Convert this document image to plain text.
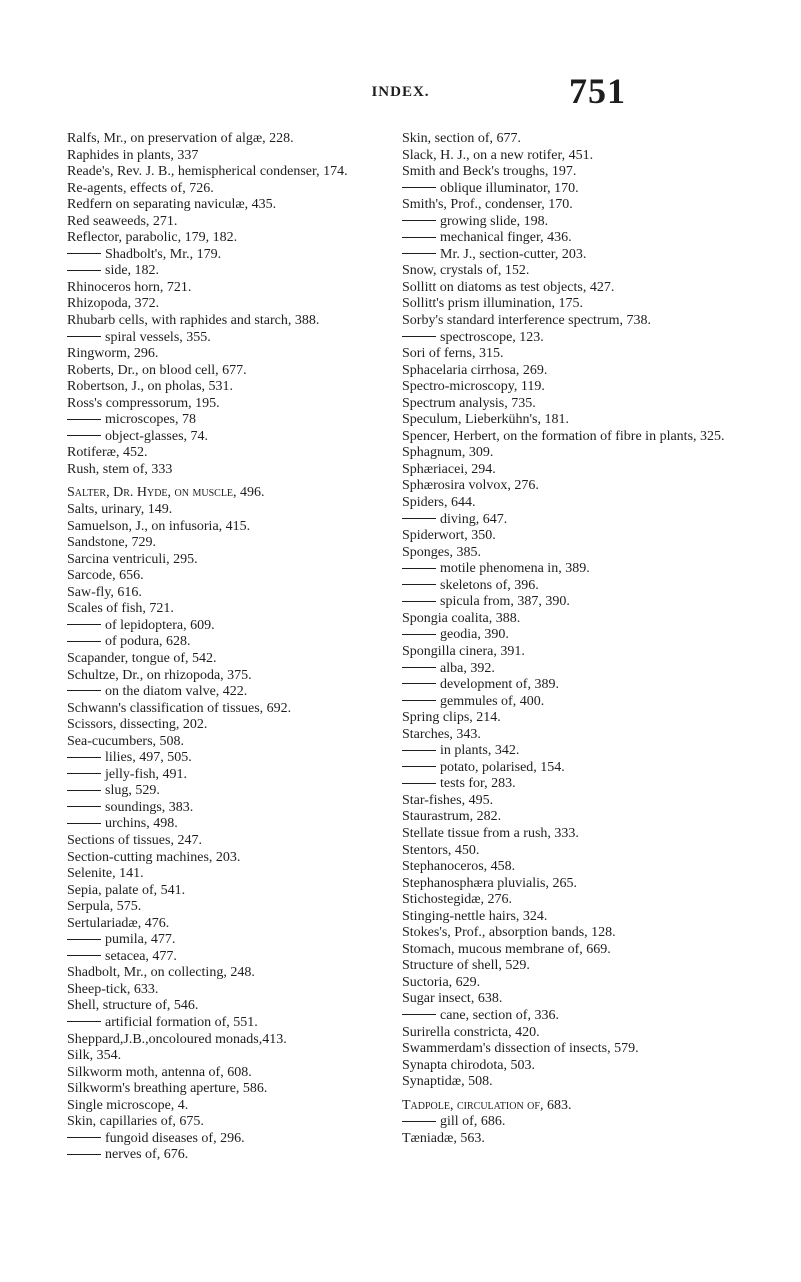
INDEX.	751
Ralfs, Mr., on preservation of algæ, 228.
Raphides in plants, 337
Reade's, Rev. J. B., hemispherical condenser, 174.
Re-agents, effects of, 726.
Redfern on separating naviculæ, 435.
Red seaweeds, 271.
Reflector, parabolic, 179, 182.
Shadbolt's, Mr., 179.
side, 182.
Rhinoceros horn, 721.
Rhizopoda, 372.
Rhubarb cells, with raphides and starch, 388.
spiral vessels, 355.
Ringworm, 296.
Roberts, Dr., on blood cell, 677.
Robertson, J., on pholas, 531.
Ross's compressorum, 195.
microscopes, 78
object-glasses, 74.
Rotiferæ, 452.
Rush, stem of, 333
Salter, Dr. Hyde, on muscle, 496.
Salts, urinary, 149.
Samuelson, J., on infusoria, 415.
Sandstone, 729.
Sarcina ventriculi, 295.
Sarcode, 656.
Saw-fly, 616.
Scales of fish, 721.
of lepidoptera, 609.
of podura, 628.
Scapander, tongue of, 542.
Schultze, Dr., on rhizopoda, 375.
on the diatom valve, 422.
Schwann's classification of tissues, 692.
Scissors, dissecting, 202.
Sea-cucumbers, 508.
lilies, 497, 505.
jelly-fish, 491.
slug, 529.
soundings, 383.
urchins, 498.
Sections of tissues, 247.
Section-cutting machines, 203.
Selenite, 141.
Sepia, palate of, 541.
Serpula, 575.
Sertulariadæ, 476.
pumila, 477.
setacea, 477.
Shadbolt, Mr., on collecting, 248.
Sheep-tick, 633.
Shell, structure of, 546.
artificial formation of, 551.
Sheppard,J.B.,oncoloured monads,413.
Silk, 354.
Silkworm moth, antenna of, 608.
Silkworm's breathing aperture, 586.
Single microscope, 4.
Skin, capillaries of, 675.
fungoid diseases of, 296.
nerves of, 676.
Skin, section of, 677.
Slack, H. J., on a new rotifer, 451.
Smith and Beck's troughs, 197.
oblique illuminator, 170.
Smith's, Prof., condenser, 170.
growing slide, 198.
mechanical finger, 436.
Mr. J., section-cutter, 203.
Snow, crystals of, 152.
Sollitt on diatoms as test objects, 427.
Sollitt's prism illumination, 175.
Sorby's standard interference spectrum, 738.
spectroscope, 123.
Sori of ferns, 315.
Sphacelaria cirrhosa, 269.
Spectro-microscopy, 119.
Spectrum analysis, 735.
Speculum, Lieberkühn's, 181.
Spencer, Herbert, on the formation of fibre in plants, 325.
Sphagnum, 309.
Sphæriacei, 294.
Sphærosira volvox, 276.
Spiders, 644.
diving, 647.
Spiderwort, 350.
Sponges, 385.
motile phenomena in, 389.
skeletons of, 396.
spicula from, 387, 390.
Spongia coalita, 388.
geodia, 390.
Spongilla cinera, 391.
alba, 392.
development of, 389.
gemmules of, 400.
Spring clips, 214.
Starches, 343.
in plants, 342.
potato, polarised, 154.
tests for, 283.
Star-fishes, 495.
Staurastrum, 282.
Stellate tissue from a rush, 333.
Stentors, 450.
Stephanoceros, 458.
Stephanosphæra pluvialis, 265.
Stichostegidæ, 276.
Stinging-nettle hairs, 324.
Stokes's, Prof., absorption bands, 128.
Stomach, mucous membrane of, 669.
Structure of shell, 529.
Suctoria, 629.
Sugar insect, 638.
cane, section of, 336.
Surirella constricta, 420.
Swammerdam's dissection of insects, 579.
Synapta chirodota, 503.
Synaptidæ, 508.
Tadpole, circulation of, 683.
gill of, 686.
Tæniadæ, 563.
